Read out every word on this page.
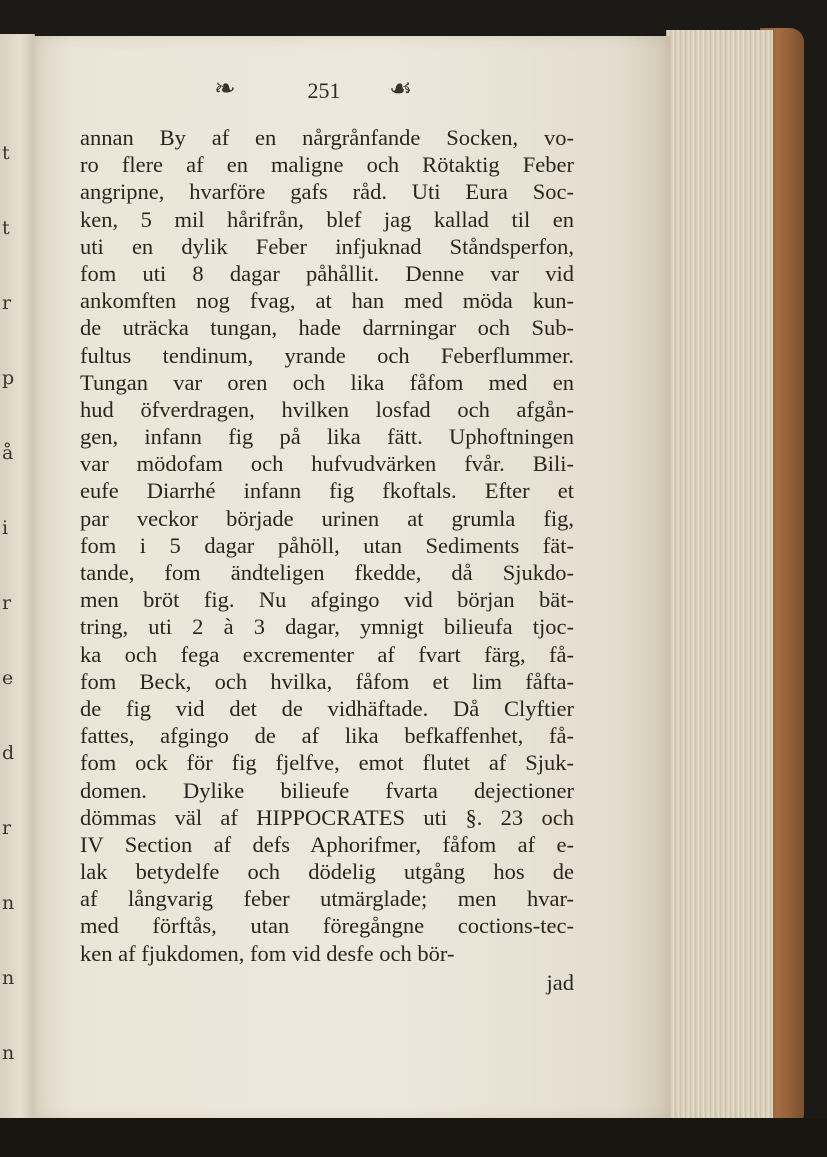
t
t
r
p
å
i
r
e
d
r
n
n
n
❧	251 ☙
annan By af en nårgrånfande Socken, vo-
ro flere af en maligne och Rötaktig Feber
angripne, hvarföre gafs råd. Uti Eura Soc-
ken, 5 mil hårifrån, blef jag kallad til en
uti en dylik Feber infjuknad Ståndsperfon,
fom uti 8 dagar påhållit. Denne var vid
ankomften nog fvag, at han med möda kun-
de uträcka tungan, hade darrningar och Sub-
fultus tendinum, yrande och Feberflummer.
Tungan var oren och lika fåfom med en
hud öfverdragen, hvilken losfad och afgån-
gen, infann fig på lika fätt. Uphoftningen
var mödofam och hufvudvärken fvår. Bili-
eufe Diarrhé infann fig fkoftals. Efter et
par veckor började urinen at grumla fig,
fom i 5 dagar påhöll, utan Sediments fät-
tande, fom ändteligen fkedde, då Sjukdo-
men bröt fig. Nu afgingo vid början bät-
tring, uti 2 à 3 dagar, ymnigt bilieufa tjoc-
ka och fega excrementer af fvart färg, få-
fom Beck, och hvilka, fåfom et lim fåfta-
de fig vid det de vidhäftade. Då Clyftier
fattes, afgingo de af lika befkaffenhet, få-
fom ock för fig fjelfve, emot flutet af Sjuk-
domen. Dylike bilieufe fvarta dejectioner
dömmas väl af HIPPOCRATES uti §. 23 och
IV Section af defs Aphorifmer, fåfom af e-
lak betydelfe och dödelig utgång hos de
af långvarig feber utmärglade; men hvar-
med förftås, utan föregångne coctions-tec-
ken af fjukdomen, fom vid desfe och bör-
jad
